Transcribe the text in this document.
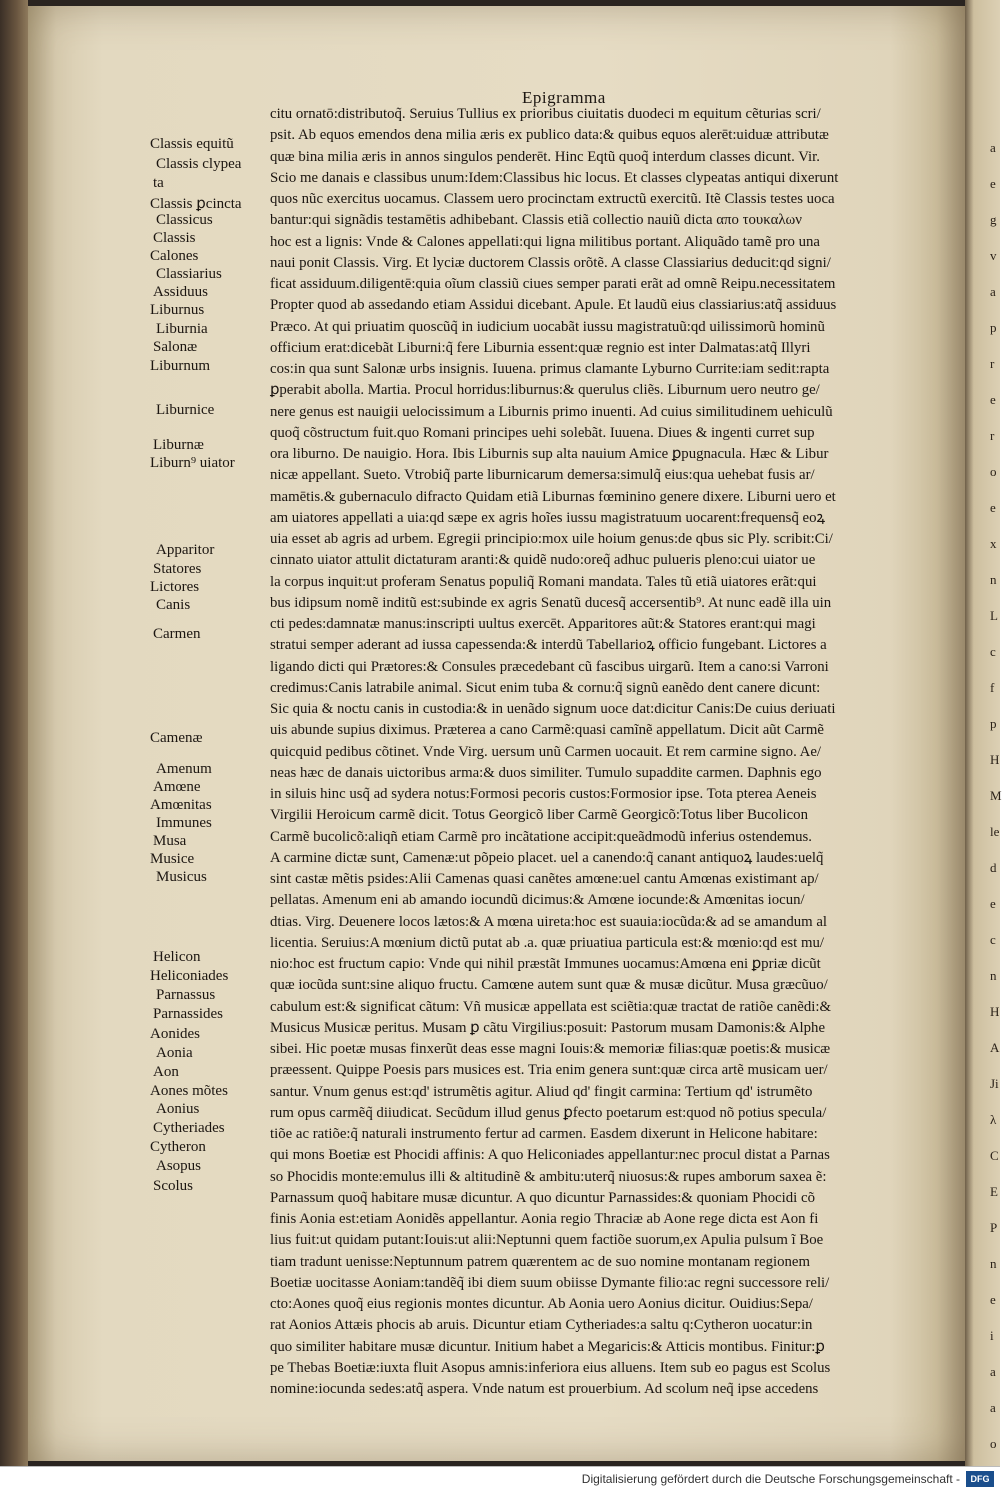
Epigramma
citu ornatō:distributoq̃. Seruius Tullius ex prioribus ciuitatis duodeci m equitum cẽturias scri/
psit. Ab equos emendos dena milia æris ex publico data:& quibus equos alerēt:uiduæ attributæ
quæ bina milia æris in annos singulos penderēt. Hinc Eqtũ quoq̃ interdum classes dicunt. Vir.
Scio me danais e classibus unum:Idem:Classibus hic locus. Et classes clypeatas antiqui dixerunt
quos nũc exercitus uocamus. Classem uero procinctam extructũ exercitũ. Itẽ Classis testes uoca
bantur:qui signãdis testamētis adhibebant. Classis etiã collectio nauiũ dicta απο τουκαλων
hoc est a lignis: Vnde & Calones appellati:qui ligna militibus portant. Aliquãdo tamẽ pro una
naui ponit Classis. Virg. Et lyciæ ductorem Classis orõtẽ. A classe Classiarius deducit:qd signi/
ficat assiduum.diligentē:quia oĩum classiũ ciues semper parati erãt ad omnẽ Reipu.necessitatem
Propter quod ab assedando etiam Assidui dicebant. Apule. Et laudũ eius classiarius:atq̃ assiduus
Præco. At qui priuatim quoscũq̃ in iudicium uocabãt iussu magistratuũ:qd uilissimorũ hominũ
officium erat:dicebãt Liburni:q̃ fere Liburnia essent:quæ regnio est inter Dalmatas:atq̃ Illyri
cos:in qua sunt Salonæ urbs insignis. Iuuena. primus clamante Lyburno Currite:iam sedit:rapta
ꝑperabit abolla. Martia. Procul horridus:liburnus:& querulus cliẽs. Liburnum uero neutro ge/
nere genus est nauigii uelocissimum a Liburnis primo inuenti. Ad cuius similitudinem uehiculũ
quoq̃ cõstructum fuit.quo Romani principes uehi solebãt. Iuuena. Diues & ingenti curret sup
ora liburno. De nauigio. Hora. Ibis Liburnis sup alta nauium Amice ꝑpugnacula. Hæc & Libur
nicæ appellant. Sueto. Vtrobiq̃ parte liburnicarum demersa:simulq̃ eius:qua uehebat fusis ar/
mamētis.& gubernaculo difracto Quidam etiã Liburnas fœminino genere dixere. Liburni uero et
am uiatores appellati a uia:qd sæpe ex agris hoĩes iussu magistratuum uocarent:frequensq̃ eoꝝ
uia esset ab agris ad urbem. Egregii principio:mox uile hoium genus:de qbus sic Ply. scribit:Ci/
cinnato uiator attulit dictaturam aranti:& quidẽ nudo:oreq̃ adhuc pulueris pleno:cui uiator ue
la corpus inquit:ut proferam Senatus populiq̃ Romani mandata. Tales tũ etiã uiatores erãt:qui
bus idipsum nomẽ inditũ est:subinde ex agris Senatũ ducesq̃ accersentib⁹. At nunc eadẽ illa uin
cti pedes:damnatæ manus:inscripti uultus exercēt. Apparitores aũt:& Statores erant:qui magi
stratui semper aderant ad iussa capessenda:& interdũ Tabellarioꝝ officio fungebant. Lictores a
ligando dicti qui Prætores:& Consules præcedebant cũ fascibus uirgarũ. Item a cano:si Varroni
credimus:Canis latrabile animal. Sicut enim tuba & cornu:q̃ signũ eanẽdo dent canere dicunt:
Sic quia & noctu canis in custodia:& in uenãdo signum uoce dat:dicitur Canis:De cuius deriuati
uis abunde supius diximus. Præterea a cano Carmẽ:quasi camĩnẽ appellatum. Dicit aũt Carmẽ
quicquid pedibus cõtinet. Vnde Virg. uersum unũ Carmen uocauit. Et rem carmine signo. Ae/
neas hæc de danais uictoribus arma:& duos similiter. Tumulo supaddite carmen. Daphnis ego
in siluis hinc usq̃ ad sydera notus:Formosi pecoris custos:Formosior ipse. Tota pterea Aeneis
Virgilii Heroicum carmẽ dicit. Totus Georgicõ liber Carmẽ Georgicõ:Totus liber Bucolicon
Carmẽ bucolicõ:aliqñ etiam Carmẽ pro incãtatione accipit:queãdmodũ inferius ostendemus.
A carmine dictæ sunt, Camenæ:ut põpeio placet. uel a canendo:q̃ canant antiquoꝝ laudes:uelq̃
sint castæ mẽtis psides:Alii Camenas quasi canẽtes amœne:uel cantu Amœnas existimant ap/
pellatas. Amenum eni ab amando iocundũ dicimus:& Amœne iocunde:& Amœnitas iocun/
dtias. Virg. Deuenere locos lætos:& A mœna uireta:hoc est suauia:iocũda:& ad se amandum al
licentia. Seruius:A mœnium dictũ putat ab .a. quæ priuatiua particula est:& mœnio:qd est mu/
nio:hoc est fructum capio: Vnde qui nihil præstãt Immunes uocamus:Amœna eni ꝑpriæ dicũt
quæ iocũda sunt:sine aliquo fructu. Camœne autem sunt quæ & musæ dicũtur. Musa græcũuo/
cabulum est:& significat cãtum: Vñ musicæ appellata est sciẽtia:quæ tractat de ratiõe canẽdi:&
Musicus Musicæ peritus. Musam ꝑ cãtu Virgilius:posuit: Pastorum musam Damonis:& Alphe
sibei. Hic poetæ musas finxerũt deas esse magni Iouis:& memoriæ filias:quæ poetis:& musicæ
præessent. Quippe Poesis pars musices est. Tria enim genera sunt:quæ circa artẽ musicam uer/
santur. Vnum genus est:qd' istrumẽtis agitur. Aliud qd' fingit carmina: Tertium qd' istrumẽto
rum opus carmẽq̃ diiudicat. Secũdum illud genus ꝑfecto poetarum est:quod nõ potius specula/
tiõe ac ratiõe:q̃ naturali instrumento fertur ad carmen. Easdem dixerunt in Helicone habitare:
qui mons Boetiæ est Phocidi affinis: A quo Heliconiades appellantur:nec procul distat a Parnas
so Phocidis monte:emulus illi & altitudinẽ & ambitu:uterq̃ niuosus:& rupes amborum saxea ẽ:
Parnassum quoq̃ habitare musæ dicuntur. A quo dicuntur Parnassides:& quoniam Phocidi cõ
finis Aonia est:etiam Aonidẽs appellantur. Aonia regio Thraciæ ab Aone rege dicta est Aon fi
lius fuit:ut quidam putant:Iouis:ut alii:Neptunni quem factiõe suorum,ex Apulia pulsum ĩ Boe
tiam tradunt uenisse:Neptunnum patrem quærentem ac de suo nomine montanam regionem
Boetiæ uocitasse Aoniam:tandẽq̃ ibi diem suum obiisse Dymante filio:ac regni successore reli/
cto:Aones quoq̃ eius regionis montes dicuntur. Ab Aonia uero Aonius dicitur. Ouidius:Sepa/
rat Aonios Attæis phocis ab aruis. Dicuntur etiam Cytheriades:a saltu q:Cytheron uocatur:in
quo similiter habitare musæ dicuntur. Initium habet a Megaricis:& Atticis montibus. Finitur:ꝑ
pe Thebas Boetiæ:iuxta fluit Asopus amnis:inferiora eius alluens. Item sub eo pagus est Scolus
nomine:iocunda sedes:atq̃ aspera. Vnde natum est prouerbium. Ad scolum neq̃ ipse accedens
Classis equitũ
Classis clypea
ta
Classis ꝑcincta
Classicus
Classis
Calones
Classiarius
Assiduus
Liburnus
Liburnia
Salonæ
Liburnum
Liburnice
Liburnæ
Liburn⁹ uiator
Apparitor
Statores
Lictores
Canis
Carmen
Camenæ
Amenum
Amœne
Amœnitas
Immunes
Musa
Musice
Musicus
Helicon
Heliconiades
Parnassus
Parnassides
Aonides
Aonia
Aon
Aones mõtes
Aonius
Cytheriades
Cytheron
Asopus
Scolus
a
e
g
v
a
p
r
e
r
o
e
x
n
L
c
f
p
H
M
le
d
e
c
n
H
A
Ji
λ
C
E
P
n
e
i
a
a
o
Digitalisierung gefördert durch die Deutsche Forschungsgemeinschaft -	DFG
